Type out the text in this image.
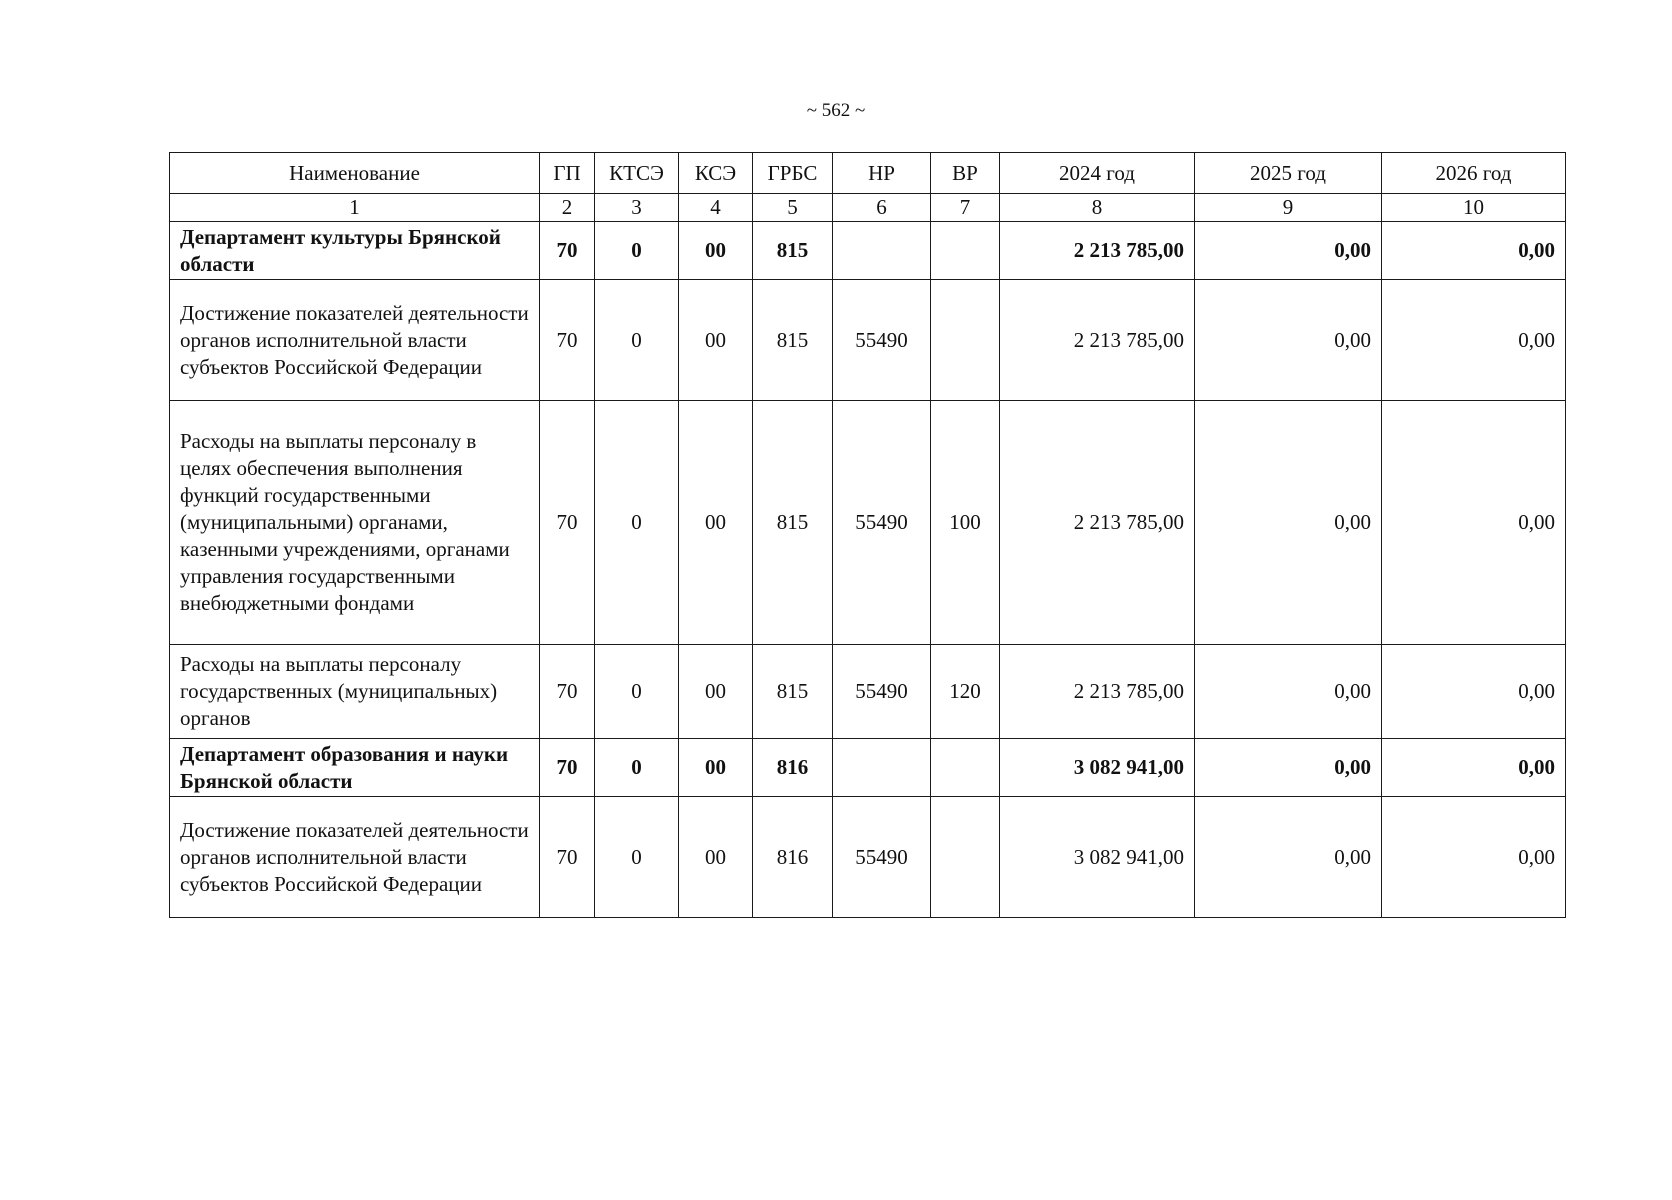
~ 562 ~
Наименование	ГП	КТСЭ	КСЭ	ГРБС	НР	ВР	2024 год	2025 год	2026 год
1	2	3	4	5	6	7	8	9	10
Департамент культуры Брянской области	70	0	00	815			2 213 785,00	0,00	0,00
Достижение показателей деятельности органов исполнительной власти субъектов Российской Федерации	70	0	00	815	55490		2 213 785,00	0,00	0,00
Расходы на выплаты персоналу в целях обеспечения выполнения функций государственными (муниципальными) органами, казенными учреждениями, органами управления государственными внебюджетными фондами	70	0	00	815	55490	100	2 213 785,00	0,00	0,00
Расходы на выплаты персоналу государственных (муниципальных) органов	70	0	00	815	55490	120	2 213 785,00	0,00	0,00
Департамент образования и науки Брянской области	70	0	00	816			3 082 941,00	0,00	0,00
Достижение показателей деятельности органов исполнительной власти субъектов Российской Федерации	70	0	00	816	55490		3 082 941,00	0,00	0,00
